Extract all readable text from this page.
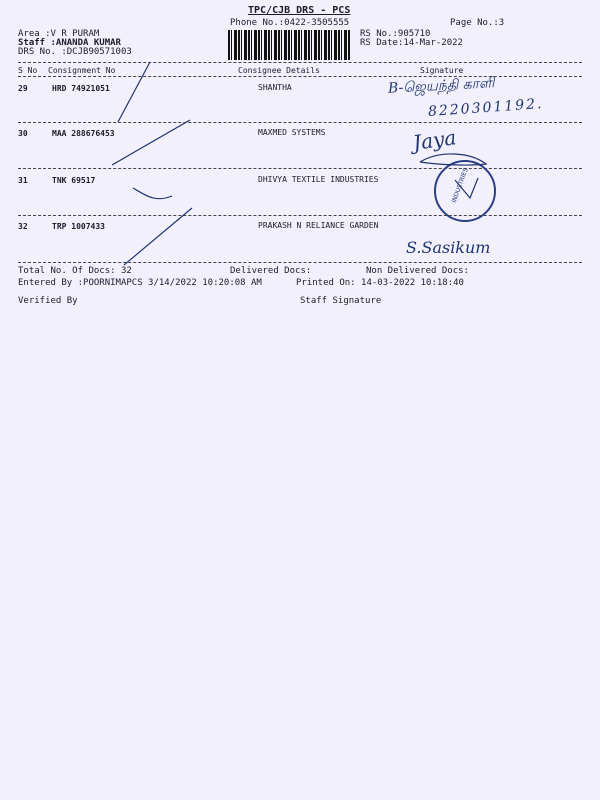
TPC/CJB DRS - PCS
Phone No.:0422-3505555	Page No.:3
Area :V R PURAM
Staff :ANANDA KUMAR
DRS No. :DCJB90571003
RS No.:905710
RS Date:14-Mar-2022
S No Consignment No	Consignee Details	Signature
29	HRD 74921051	SHANTHA	B-ஜெயந்தி காளி
8220301192.
30	MAA 288676453	MAXMED SYSTEMS	Jaya
31	TNK 69517	DHIVYA TEXTILE INDUSTRIES	INDUSTRIES
32	TRP 1007433	PRAKASH N RELIANCE GARDEN
S.Sasikum
Total No. Of Docs: 32	Delivered Docs:	Non Delivered Docs:
Entered By :POORNIMAPCS 3/14/2022 10:20:08 AM	Printed On: 14-03-2022 10:18:40
Verified By	Staff Signature
